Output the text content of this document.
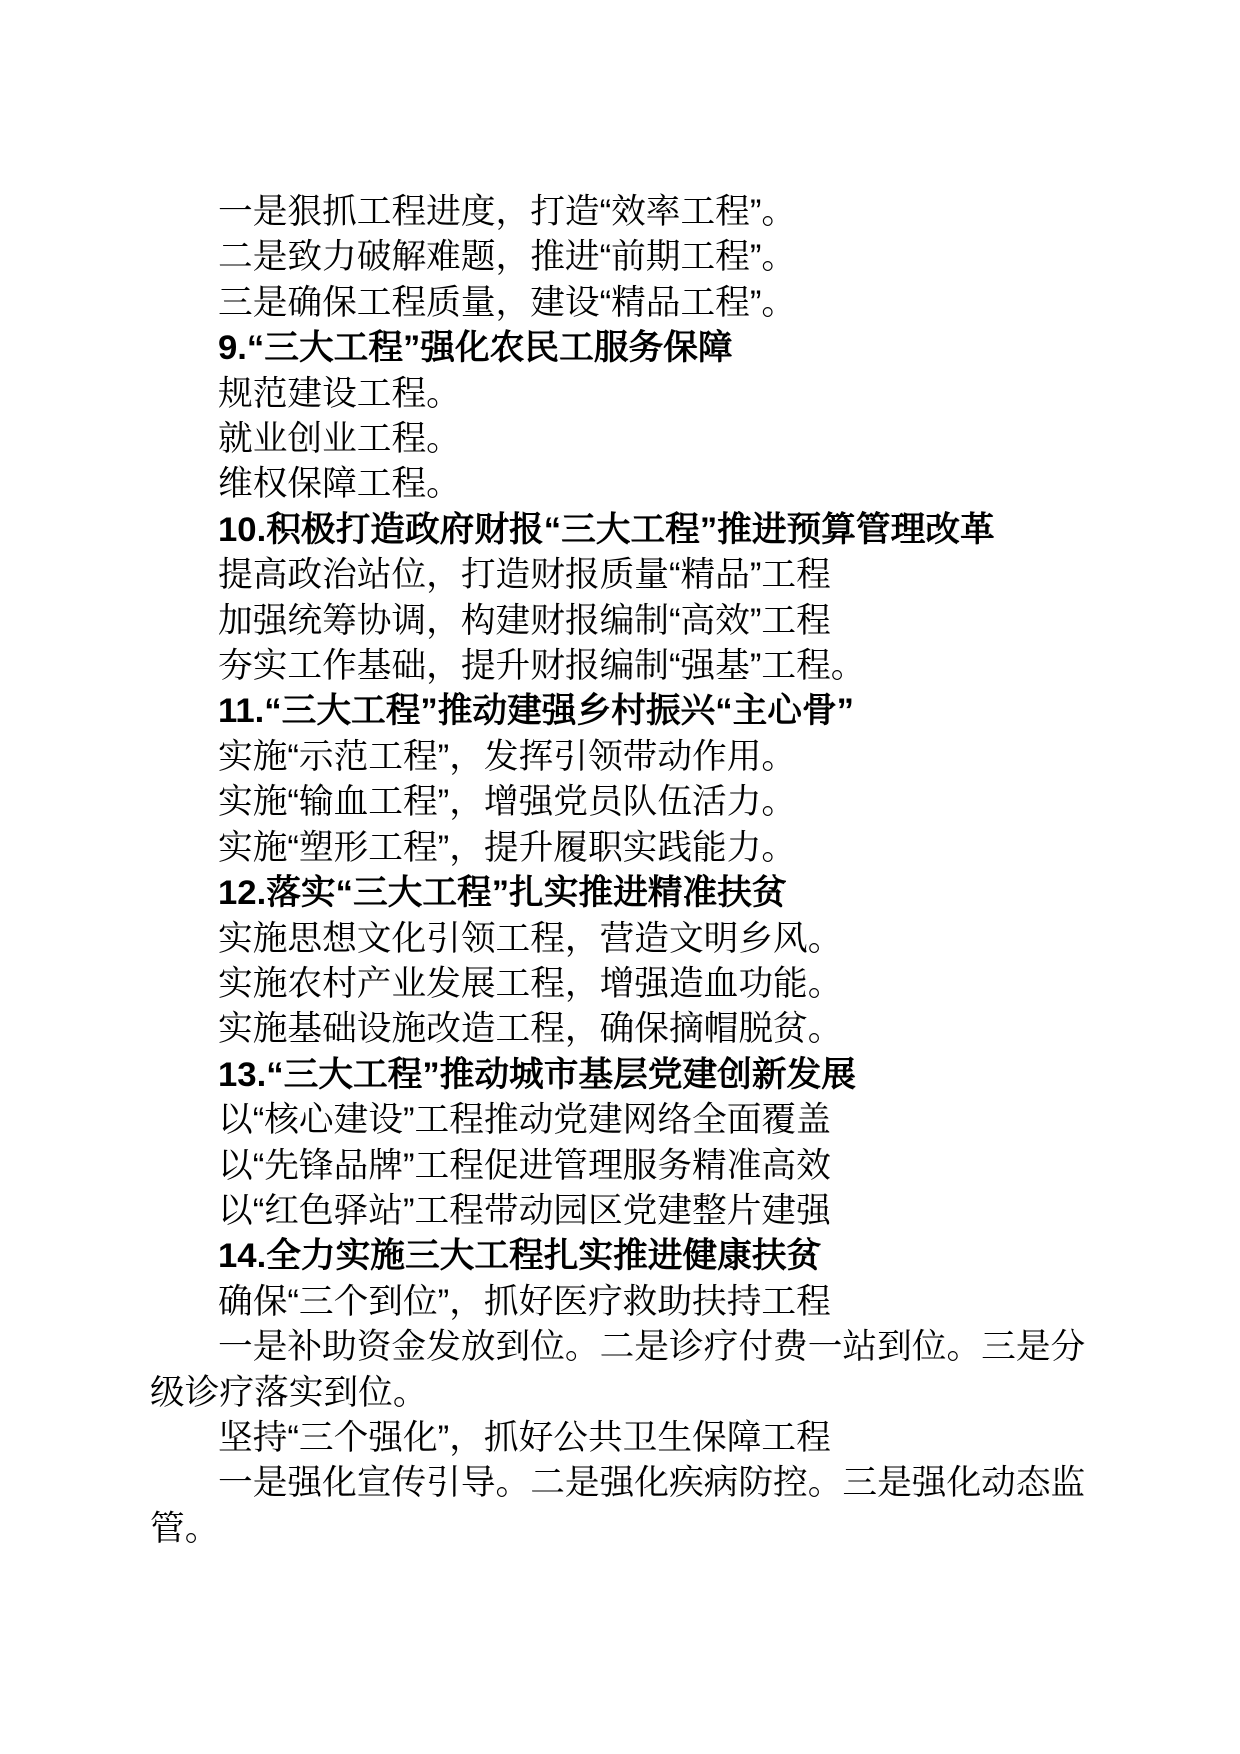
一是狠抓工程进度，打造“效率工程”。

二是致力破解难题，推进“前期工程”。

三是确保工程质量，建设“精品工程”。

9.“三大工程”强化农民工服务保障

规范建设工程。

就业创业工程。

维权保障工程。

10.积极打造政府财报“三大工程”推进预算管理改革

提高政治站位，打造财报质量“精品”工程

加强统筹协调，构建财报编制“高效”工程

夯实工作基础，提升财报编制“强基”工程。

11.“三大工程”推动建强乡村振兴“主心骨”

实施“示范工程”，发挥引领带动作用。

实施“输血工程”，增强党员队伍活力。

实施“塑形工程”，提升履职实践能力。

12.落实“三大工程”扎实推进精准扶贫

实施思想文化引领工程，营造文明乡风。

实施农村产业发展工程，增强造血功能。

实施基础设施改造工程，确保摘帽脱贫。

13.“三大工程”推动城市基层党建创新发展

以“核心建设”工程推动党建网络全面覆盖

以“先锋品牌”工程促进管理服务精准高效

以“红色驿站”工程带动园区党建整片建强

14.全力实施三大工程扎实推进健康扶贫

确保“三个到位”，抓好医疗救助扶持工程

一是补助资金发放到位。二是诊疗付费一站到位。三是分级诊疗落实到位。

坚持“三个强化”，抓好公共卫生保障工程

一是强化宣传引导。二是强化疾病防控。三是强化动态监管。
